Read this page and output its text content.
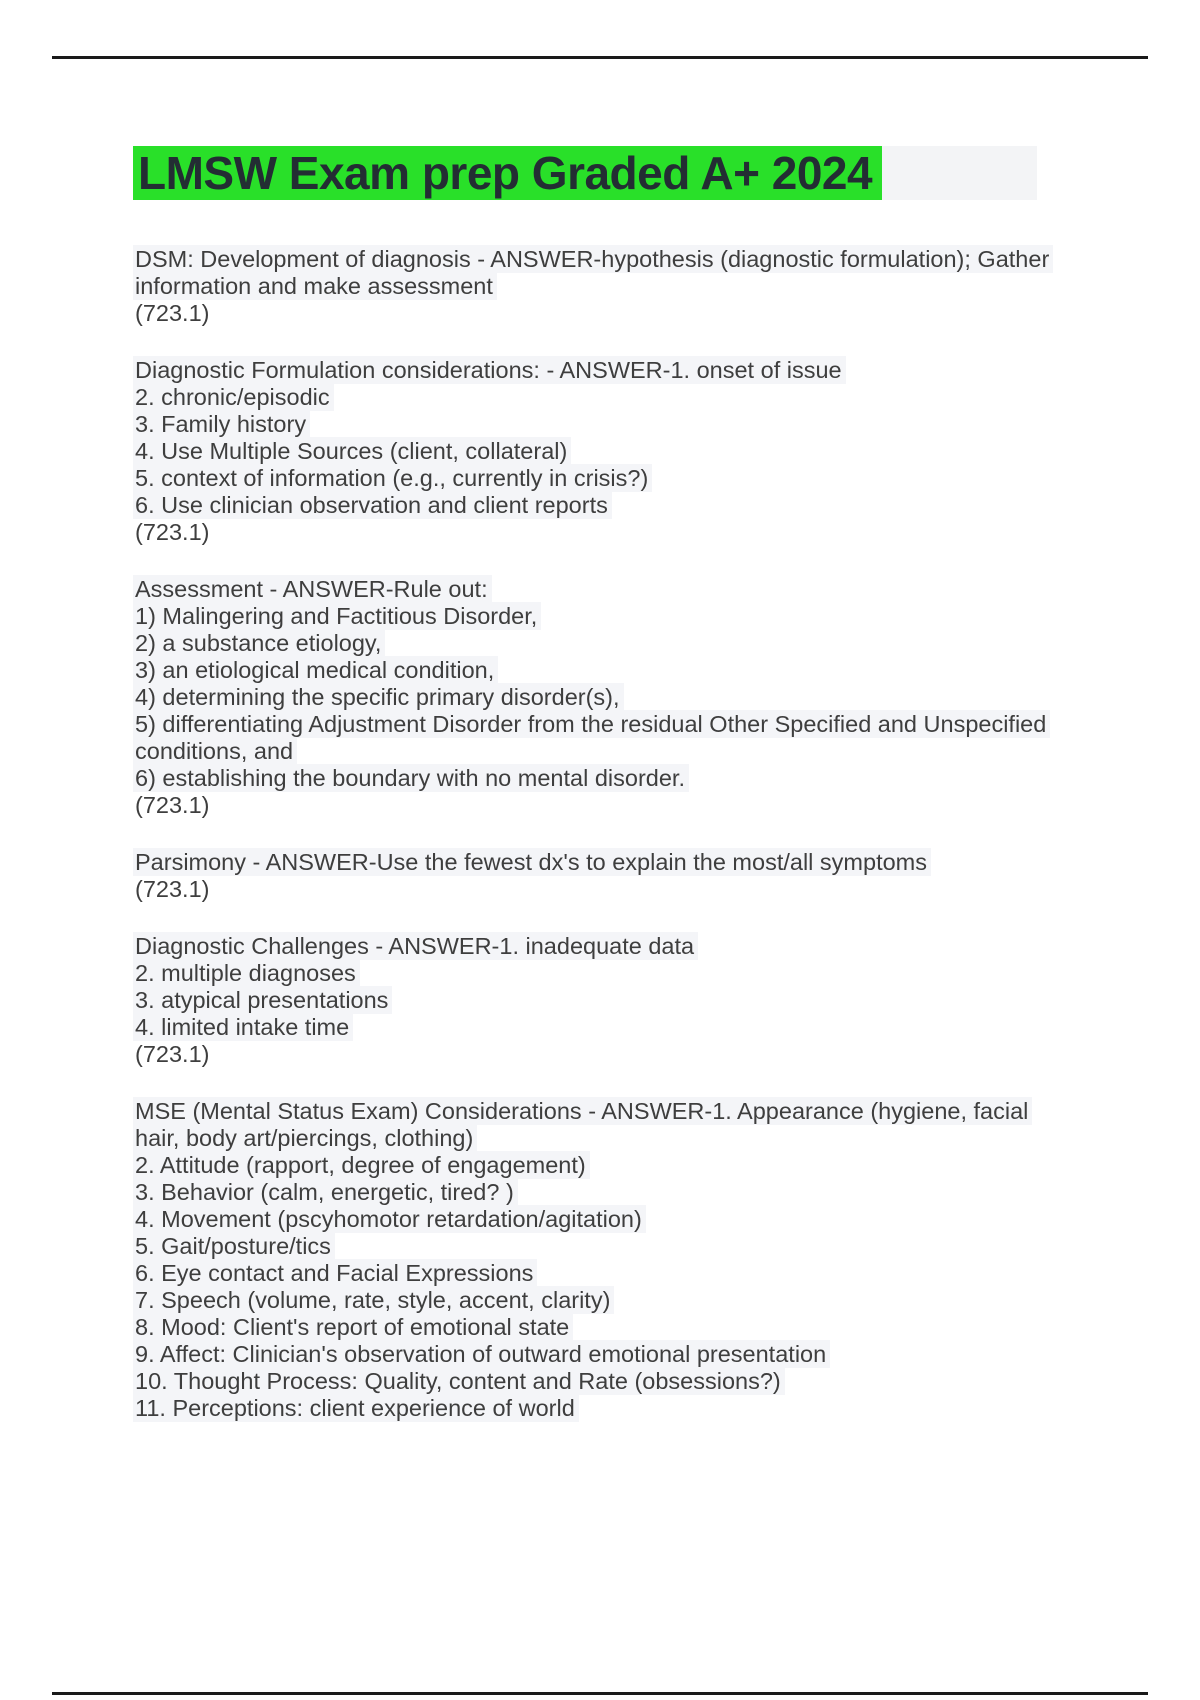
LMSW Exam prep Graded A+ 2024
DSM: Development of diagnosis - ANSWER-hypothesis (diagnostic formulation); Gather
information and make assessment
(723.1)
Diagnostic Formulation considerations: - ANSWER-1. onset of issue
2. chronic/episodic
3. Family history
4. Use Multiple Sources (client, collateral)
5. context of information (e.g., currently in crisis?)
6. Use clinician observation and client reports
(723.1)
Assessment - ANSWER-Rule out:
1) Malingering and Factitious Disorder,
2) a substance etiology,
3) an etiological medical condition,
4) determining the specific primary disorder(s),
5) differentiating Adjustment Disorder from the residual Other Specified and Unspecified
conditions, and
6) establishing the boundary with no mental disorder.
(723.1)
Parsimony - ANSWER-Use the fewest dx's to explain the most/all symptoms
(723.1)
Diagnostic Challenges - ANSWER-1. inadequate data
2. multiple diagnoses
3. atypical presentations
4. limited intake time
(723.1)
MSE (Mental Status Exam) Considerations - ANSWER-1. Appearance (hygiene, facial
hair, body art/piercings, clothing)
2. Attitude (rapport, degree of engagement)
3. Behavior (calm, energetic, tired? )
4. Movement (pscyhomotor retardation/agitation)
5. Gait/posture/tics
6. Eye contact and Facial Expressions
7. Speech (volume, rate, style, accent, clarity)
8. Mood: Client's report of emotional state
9. Affect: Clinician's observation of outward emotional presentation
10. Thought Process: Quality, content and Rate (obsessions?)
11. Perceptions: client experience of world
